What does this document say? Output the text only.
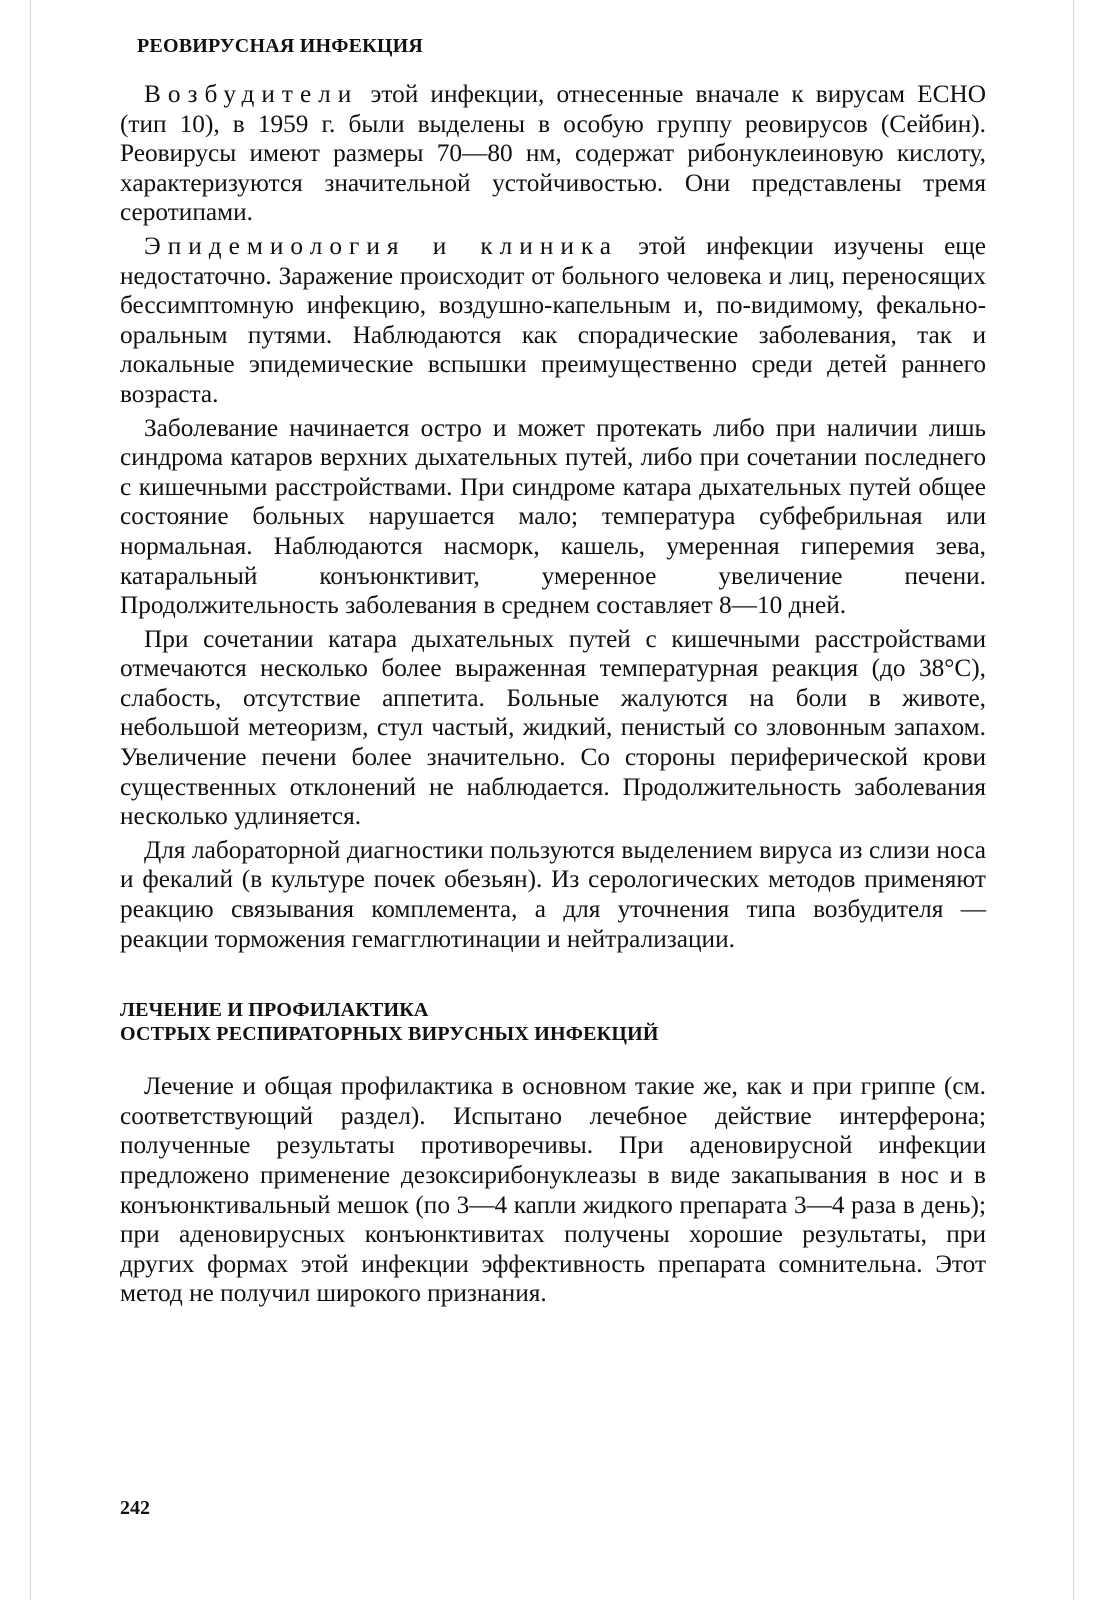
РЕОВИРУСНАЯ ИНФЕКЦИЯ

Возбудители этой инфекции, отнесенные вначале к вирусам ЕСНО (тип 10), в 1959 г. были выделены в особую группу реовирусов (Сейбин). Реовирусы имеют размеры 70—80 нм, содержат рибонуклеиновую кислоту, характеризуются значительной устойчивостью. Они представлены тремя серотипами.

Эпидемиология и клиника этой инфекции изучены еще недостаточно. Заражение происходит от больного человека и лиц, переносящих бессимптомную инфекцию, воздушно-капельным и, по-видимому, фекально-оральным путями. Наблюдаются как спорадические заболевания, так и локальные эпидемические вспышки преимущественно среди детей раннего возраста.

Заболевание начинается остро и может протекать либо при наличии лишь синдрома катаров верхних дыхательных путей, либо при сочетании последнего с кишечными расстройствами. При синдроме катара дыхательных путей общее состояние больных нарушается мало; температура субфебрильная или нормальная. Наблюдаются насморк, кашель, умеренная гиперемия зева, катаральный конъюнктивит, умеренное увеличение печени. Продолжительность заболевания в среднем составляет 8—10 дней.

При сочетании катара дыхательных путей с кишечными расстройствами отмечаются несколько более выраженная температурная реакция (до 38°С), слабость, отсутствие аппетита. Больные жалуются на боли в животе, небольшой метеоризм, стул частый, жидкий, пенистый со зловонным запахом. Увеличение печени более значительно. Со стороны периферической крови существенных отклонений не наблюдается. Продолжительность заболевания несколько удлиняется.

Для лабораторной диагностики пользуются выделением вируса из слизи носа и фекалий (в культуре почек обезьян). Из серологических методов применяют реакцию связывания комплемента, а для уточнения типа возбудителя — реакции торможения гемагглютинации и нейтрализации.

ЛЕЧЕНИЕ И ПРОФИЛАКТИКА
ОСТРЫХ РЕСПИРАТОРНЫХ ВИРУСНЫХ ИНФЕКЦИЙ

Лечение и общая профилактика в основном такие же, как и при гриппе (см. соответствующий раздел). Испытано лечебное действие интерферона; полученные результаты противоречивы. При аденовирусной инфекции предложено применение дезоксирибонуклеазы в виде закапывания в нос и в конъюнктивальный мешок (по 3—4 капли жидкого препарата 3—4 раза в день); при аденовирусных конъюнктивитах получены хорошие результаты, при других формах этой инфекции эффективность препарата сомнительна. Этот метод не получил широкого признания.

242
